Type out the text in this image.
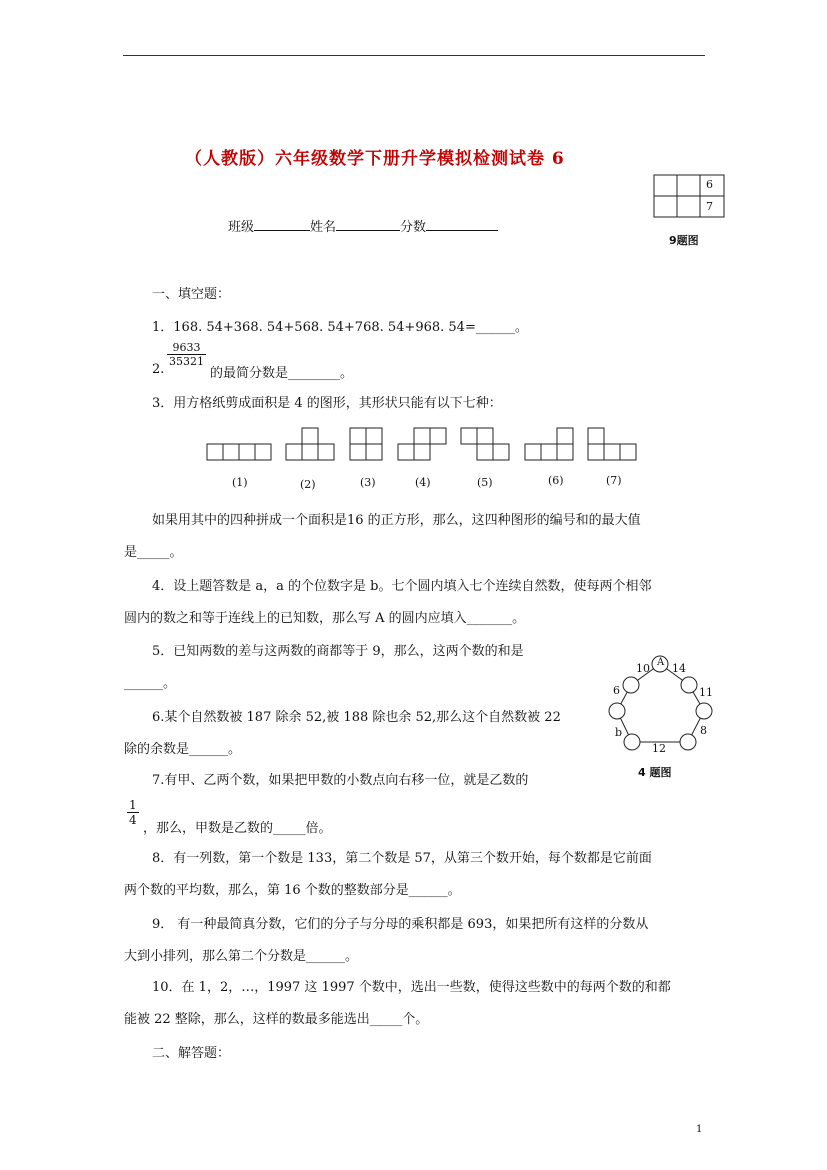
（人教版）六年级数学下册升学模拟检测试卷 6
6
7
9题图
班级	姓名	分数
一、填空题：
1．168. 54+368. 54+568. 54+768. 54+968. 54=______。
2.
$\frac{9633}{35321}$
的最简分数是________。
3．用方格纸剪成面积是 4 的图形，其形状只能有以下七种：
(1)	(2)	(3)	(4)	(5)	(6)	(7)
如果用其中的四种拼成一个面积是16 的正方形，那么，这四种图形的编号和的最大值
是_____。
4．设上题答数是 a，a 的个位数字是 b。七个圆内填入七个连续自然数，使每两个相邻
圆内的数之和等于连线上的已知数，那么写 A 的圆内应填入_______。
A
10 14
6	11
8
b
12
4 题图
5．已知两数的差与这两数的商都等于 9，那么，这两个数的和是
______。
6.某个自然数被 187 除余 52,被 188 除也余 52,那么这个自然数被 22
除的余数是______。
7.有甲、乙两个数，如果把甲数的小数点向右移一位，就是乙数的
$\frac{1}{4}$
，那么，甲数是乙数的_____倍。
8．有一列数，第一个数是 133，第二个数是 57，从第三个数开始，每个数都是它前面
两个数的平均数，那么，第 16 个数的整数部分是______。
9． 有一种最简真分数，它们的分子与分母的乘积都是 693，如果把所有这样的分数从
大到小排列，那么第二个分数是______。
10．在 1，2，…，1997 这 1997 个数中，选出一些数，使得这些数中的每两个数的和都
能被 22 整除，那么，这样的数最多能选出_____个。
二、解答题：
1
